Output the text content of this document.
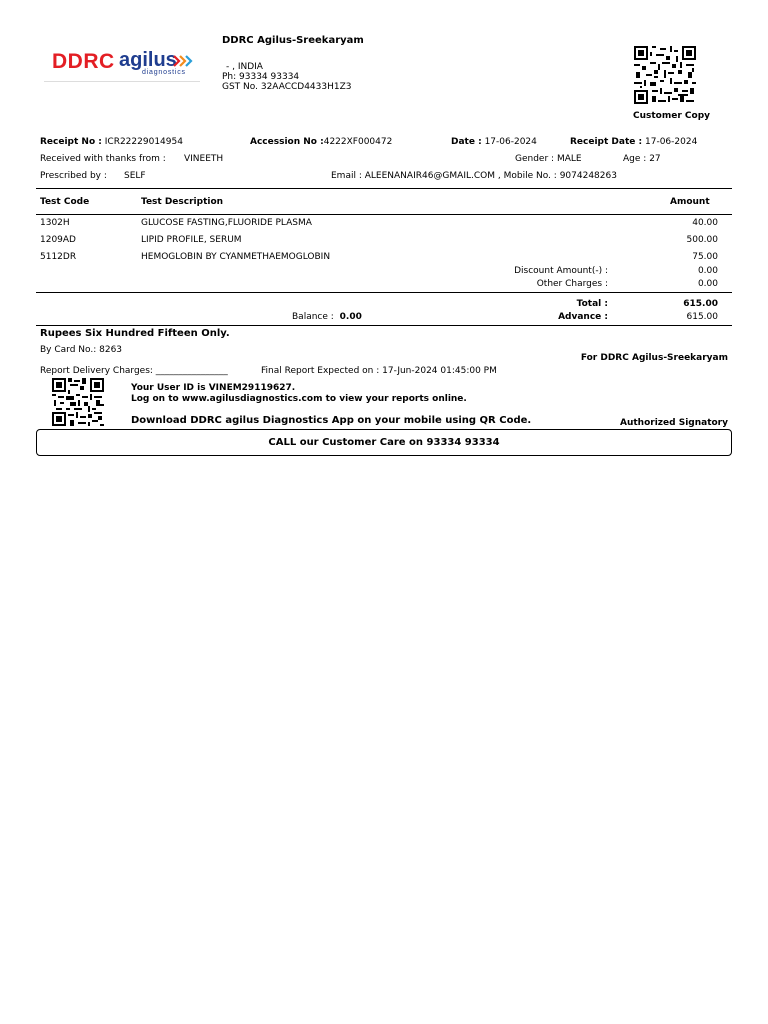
DDRC agilus
diagnostics
DDRC Agilus-Sreekaryam
- , INDIA
Ph: 93334 93334
GST No. 32AACCD4433H1Z3
Customer Copy
Receipt No : ICR22229014954	Accession No :4222XF000472	Date : 17-06-2024	Receipt Date : 17-06-2024
Received with thanks from : VINEETH	Gender : MALE	Age : 27
Prescribed by : SELF	Email : ALEENANAIR46@GMAIL.COM , Mobile No. : 9074248263
Test Code	Test Description	Amount
1302H	GLUCOSE FASTING,FLUORIDE PLASMA	40.00
1209AD	LIPID PROFILE, SERUM	500.00
5112DR	HEMOGLOBIN BY CYANMETHAEMOGLOBIN	75.00
Discount Amount(-) :	0.00
Other Charges :	0.00
Total :	615.00
Balance : 0.00	Advance :	615.00
Rupees Six Hundred Fifteen Only.
By Card No.: 8263
For DDRC Agilus-Sreekaryam
Report Delivery Charges: ________________	Final Report Expected on : 17-Jun-2024 01:45:00 PM
Your User ID is VINEM29119627.
Log on to www.agilusdiagnostics.com to view your reports online.
Download DDRC agilus Diagnostics App on your mobile using QR Code.	Authorized Signatory
CALL our Customer Care on 93334 93334
